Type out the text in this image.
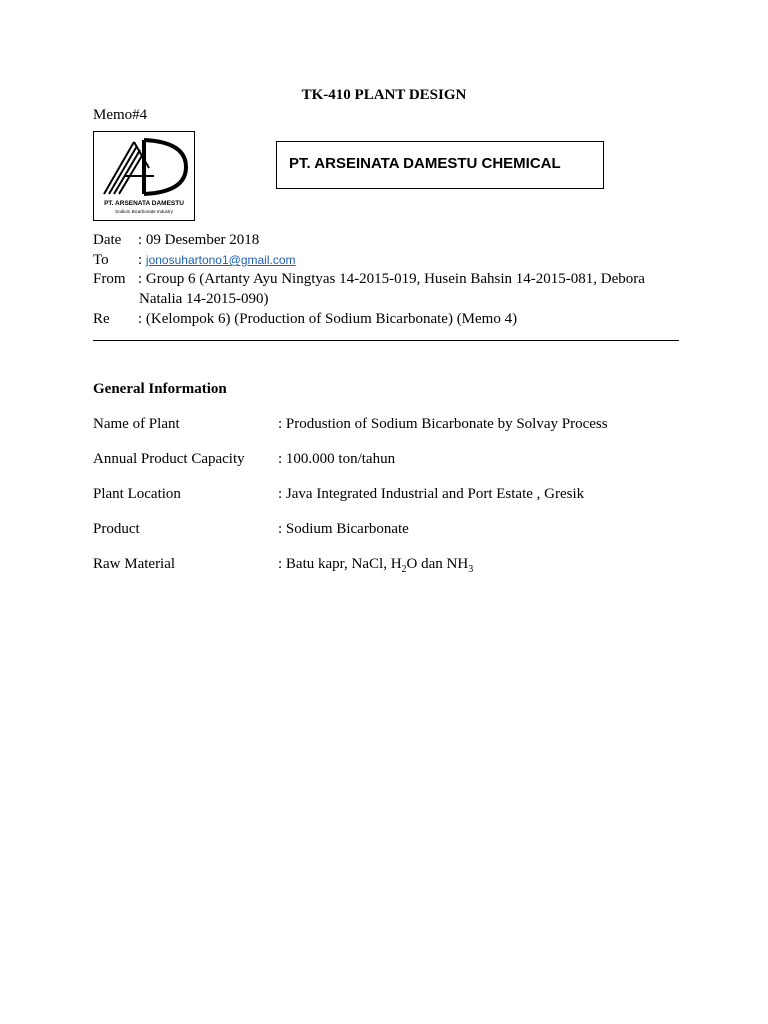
TK-410 PLANT DESIGN
Memo#4
PT. ARSENATA DAMESTU
Sodium Bicarbonate Industry
PT. ARSEINATA DAMESTU CHEMICAL
Date : 09 Desember 2018
To : jonosuhartono1@gmail.com
From : Group 6 (Artanty Ayu Ningtyas 14-2015-019, Husein Bahsin 14-2015-081, Debora
Natalia 14-2015-090)
Re : (Kelompok 6) (Production of Sodium Bicarbonate) (Memo 4)
General Information
Name of Plant	: Produstion of Sodium Bicarbonate by Solvay Process
Annual Product Capacity : 100.000 ton/tahun
Plant Location	: Java Integrated Industrial and Port Estate , Gresik
Product	: Sodium Bicarbonate
Raw Material	: Batu kapr, NaCl, $H_2O$ dan $NH_3$
